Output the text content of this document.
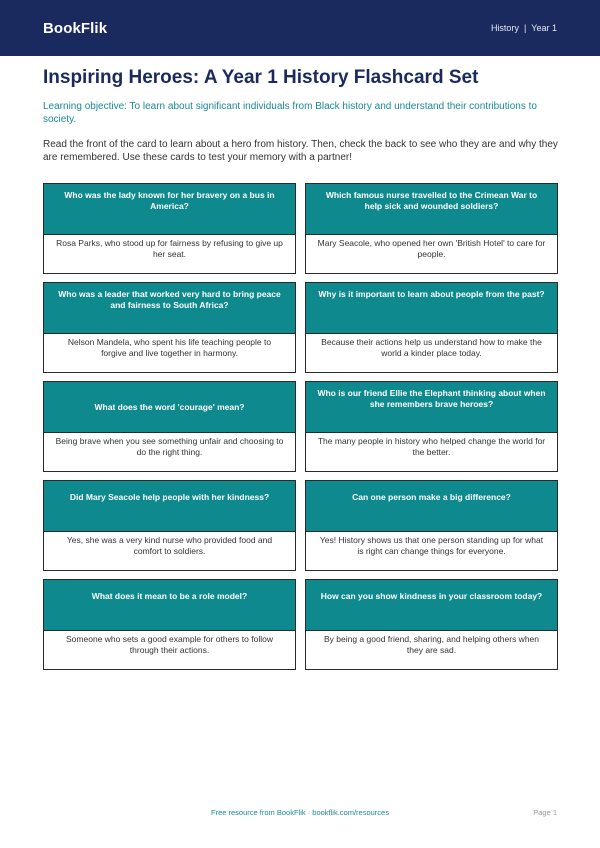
BookFlik	History | Year 1
Inspiring Heroes: A Year 1 History Flashcard Set

Learning objective: To learn about significant individuals from Black history and understand their contributions to society.

Read the front of the card to learn about a hero from history. Then, check the back to see who they are and why they are remembered. Use these cards to test your memory with a partner!

Who was the lady known for her bravery on a bus in America?
Rosa Parks, who stood up for fairness by refusing to give up her seat.
Which famous nurse travelled to the Crimean War to help sick and wounded soldiers?
Mary Seacole, who opened her own 'British Hotel' to care for people.
Who was a leader that worked very hard to bring peace and fairness to South Africa?
Nelson Mandela, who spent his life teaching people to forgive and live together in harmony.
Why is it important to learn about people from the past?
Because their actions help us understand how to make the world a kinder place today.
What does the word 'courage' mean?
Being brave when you see something unfair and choosing to do the right thing.
Who is our friend Ellie the Elephant thinking about when she remembers brave heroes?
The many people in history who helped change the world for the better.
Did Mary Seacole help people with her kindness?
Yes, she was a very kind nurse who provided food and comfort to soldiers.
Can one person make a big difference?
Yes! History shows us that one person standing up for what is right can change things for everyone.
What does it mean to be a role model?
Someone who sets a good example for others to follow through their actions.
How can you show kindness in your classroom today?
By being a good friend, sharing, and helping others when they are sad.
Free resource from BookFlik · bookflik.com/resources	Page 1
